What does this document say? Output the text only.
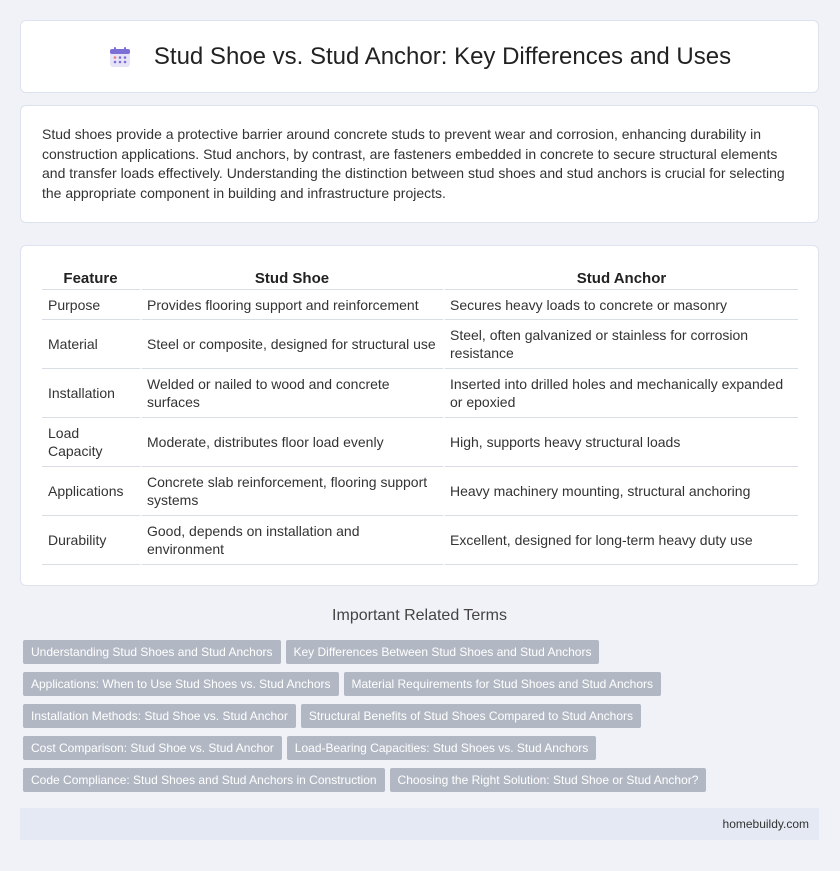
Stud Shoe vs. Stud Anchor: Key Differences and Uses

Stud shoes provide a protective barrier around concrete studs to prevent wear and corrosion, enhancing durability in construction applications. Stud anchors, by contrast, are fasteners embedded in concrete to secure structural elements and transfer loads effectively. Understanding the distinction between stud shoes and stud anchors is crucial for selecting the appropriate component in building and infrastructure projects.

Feature	Stud Shoe	Stud Anchor
Purpose	Provides flooring support and reinforcement	Secures heavy loads to concrete or masonry
Material	Steel or composite, designed for structural use	Steel, often galvanized or stainless for corrosion resistance
Installation	Welded or nailed to wood and concrete surfaces	Inserted into drilled holes and mechanically expanded or epoxied
Load Capacity	Moderate, distributes floor load evenly	High, supports heavy structural loads
Applications	Concrete slab reinforcement, flooring support systems	Heavy machinery mounting, structural anchoring
Durability	Good, depends on installation and environment	Excellent, designed for long-term heavy duty use
Important Related Terms
Understanding Stud Shoes and Stud Anchors Key Differences Between Stud Shoes and Stud Anchors
Applications: When to Use Stud Shoes vs. Stud Anchors Material Requirements for Stud Shoes and Stud Anchors
Installation Methods: Stud Shoe vs. Stud Anchor Structural Benefits of Stud Shoes Compared to Stud Anchors
Cost Comparison: Stud Shoe vs. Stud Anchor Load-Bearing Capacities: Stud Shoes vs. Stud Anchors
Code Compliance: Stud Shoes and Stud Anchors in Construction Choosing the Right Solution: Stud Shoe or Stud Anchor?
homebuildy.com
